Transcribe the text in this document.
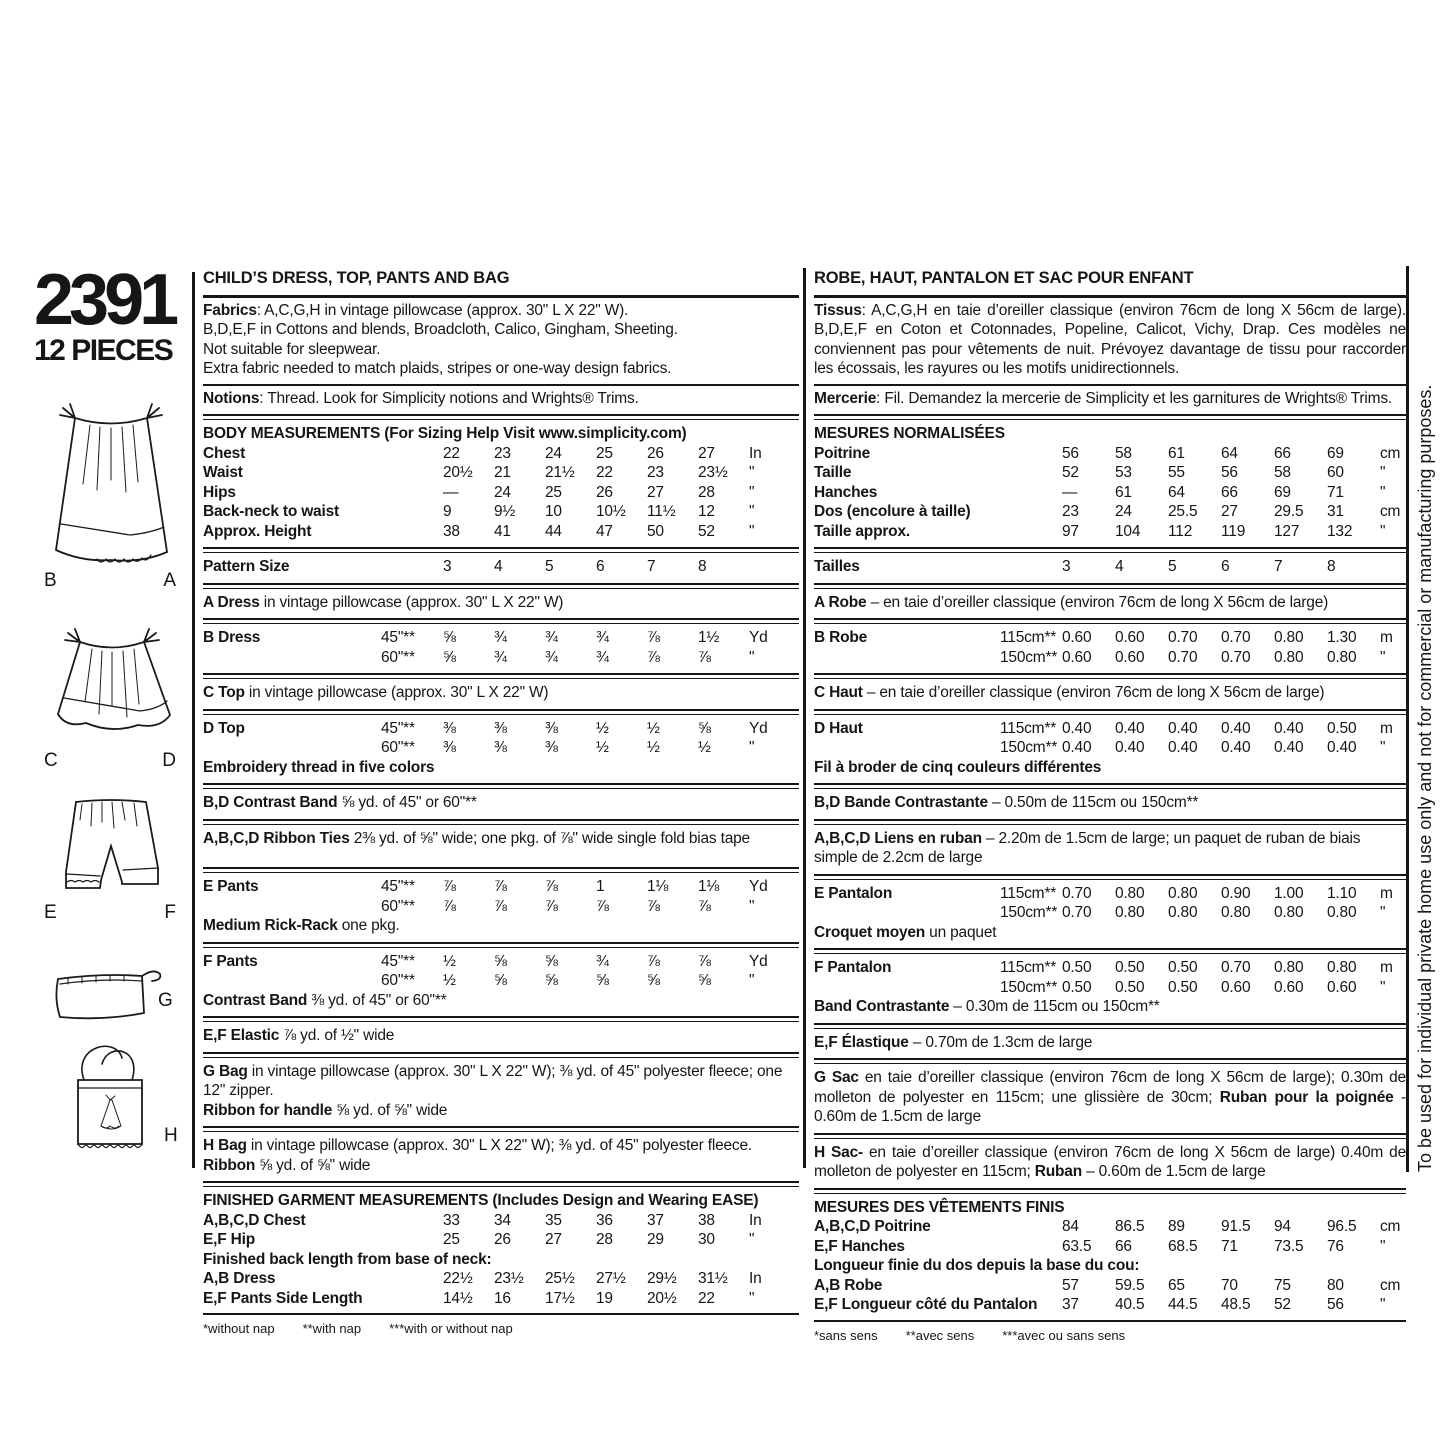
2391
12 PIECES
B	A
C	D
E	F
G
H
CHILD’S DRESS, TOP, PANTS AND BAG
Fabrics: A,C,G,H in vintage pillowcase (approx. 30" L X 22" W).
B,D,E,F in Cottons and blends, Broadcloth, Calico, Gingham, Sheeting.
Not suitable for sleepwear.
Extra fabric needed to match plaids, stripes or one-way design fabrics.
Notions: Thread. Look for Simplicity notions and Wrights® Trims.
BODY MEASUREMENTS (For Sizing Help Visit www.simplicity.com)
Chest	22	23	24	25	26	27	In
Waist	20½	21	21½	22	23	23½	"
Hips	—	24	25	26	27	28	"
Back-neck to waist	9	9½	10	10½	11½	12	"
Approx. Height	38	41	44	47	50	52	"
Pattern Size	3	4	5	6	7	8
A Dress in vintage pillowcase (approx. 30" L X 22" W)
B Dress	45"**	⅝	¾	¾	¾	⅞	1½	Yd
60"**	⅝	¾	¾	¾	⅞	⅞	"
C Top in vintage pillowcase (approx. 30" L X 22" W)
D Top	45"**	⅜	⅜	⅜	½	½	⅝	Yd
60"**	⅜	⅜	⅜	½	½	½	"
Embroidery thread in five colors
B,D Contrast Band ⅝ yd. of 45" or 60"**
A,B,C,D Ribbon Ties 2⅜ yd. of ⅝" wide; one pkg. of ⅞" wide single fold bias tape
E Pants	45"**	⅞	⅞	⅞	1	1⅛	1⅛	Yd
60"**	⅞	⅞	⅞	⅞	⅞	⅞	"
Medium Rick-Rack one pkg.
F Pants	45"**	½	⅝	⅝	¾	⅞	⅞	Yd
60"**	½	⅝	⅝	⅝	⅝	⅝	"
Contrast Band ⅜ yd. of 45" or 60"**
E,F Elastic ⅞ yd. of ½" wide
G Bag in vintage pillowcase (approx. 30" L X 22" W); ⅜ yd. of 45" polyester fleece; one 12" zipper.
Ribbon for handle ⅝ yd. of ⅝" wide
H Bag in vintage pillowcase (approx. 30" L X 22" W); ⅜ yd. of 45" polyester fleece.
Ribbon ⅝ yd. of ⅝" wide
FINISHED GARMENT MEASUREMENTS (Includes Design and Wearing EASE)
A,B,C,D Chest	33	34	35	36	37	38	In
E,F Hip	25	26	27	28	29	30	"
Finished back length from base of neck:
A,B Dress	22½	23½	25½	27½	29½	31½	In
E,F Pants Side Length	14½	16	17½	19	20½	22	"
*without nap **with nap ***with or without nap
ROBE, HAUT, PANTALON ET SAC POUR ENFANT
Tissus: A,C,G,H en taie d’oreiller classique (environ 76cm de long X 56cm de large). B,D,E,F en Coton et Cotonnades, Popeline, Calicot, Vichy, Drap. Ces modèles ne conviennent pas pour vêtements de nuit. Prévoyez davantage de tissu pour raccorder les écossais, les rayures ou les motifs unidirectionnels.
Mercerie: Fil. Demandez la mercerie de Simplicity et les garnitures de Wrights® Trims.
MESURES NORMALISÉES
Poitrine	56	58	61	64	66	69	cm
Taille	52	53	55	56	58	60	"
Hanches	—	61	64	66	69	71	"
Dos (encolure à taille)	23	24	25.5	27	29.5	31	cm
Taille approx.	97	104	112	119	127	132	"
Tailles	3	4	5	6	7	8
A Robe – en taie d’oreiller classique (environ 76cm de long X 56cm de large)
B Robe	115cm** 0.60	0.60	0.70	0.70	0.80	1.30	m
150cm** 0.60	0.60	0.70	0.70	0.80	0.80	"
C Haut – en taie d’oreiller classique (environ 76cm de long X 56cm de large)
D Haut	115cm** 0.40	0.40	0.40	0.40	0.40	0.50	m
150cm** 0.40	0.40	0.40	0.40	0.40	0.40	"
Fil à broder de cinq couleurs différentes
B,D Bande Contrastante – 0.50m de 115cm ou 150cm**
A,B,C,D Liens en ruban – 2.20m de 1.5cm de large; un paquet de ruban de biais simple de 2.2cm de large
E Pantalon	115cm** 0.70	0.80	0.80	0.90	1.00	1.10	m
150cm** 0.70	0.80	0.80	0.80	0.80	0.80	"
Croquet moyen un paquet
F Pantalon	115cm** 0.50	0.50	0.50	0.70	0.80	0.80	m
150cm** 0.50	0.50	0.50	0.60	0.60	0.60	"
Band Contrastante – 0.30m de 115cm ou 150cm**
E,F Élastique – 0.70m de 1.3cm de large
G Sac en taie d’oreiller classique (environ 76cm de long X 56cm de large); 0.30m de molleton de polyester en 115cm; une glissière de 30cm; Ruban pour la poignée - 0.60m de 1.5cm de large
H Sac- en taie d’oreiller classique (environ 76cm de long X 56cm de large) 0.40m de molleton de polyester en 115cm; Ruban – 0.60m de 1.5cm de large
MESURES DES VÊTEMENTS FINIS
A,B,C,D Poitrine	84	86.5	89	91.5	94	96.5	cm
E,F Hanches	63.5	66	68.5	71	73.5	76	"
Longueur finie du dos depuis la base du cou:
A,B Robe	57	59.5	65	70	75	80	cm
E,F Longueur côté du Pantalon	37	40.5	44.5	48.5	52	56	"
*sans sens **avec sens ***avec ou sans sens
To be used for individual private home use only and not for commercial or manufacturing purposes.
